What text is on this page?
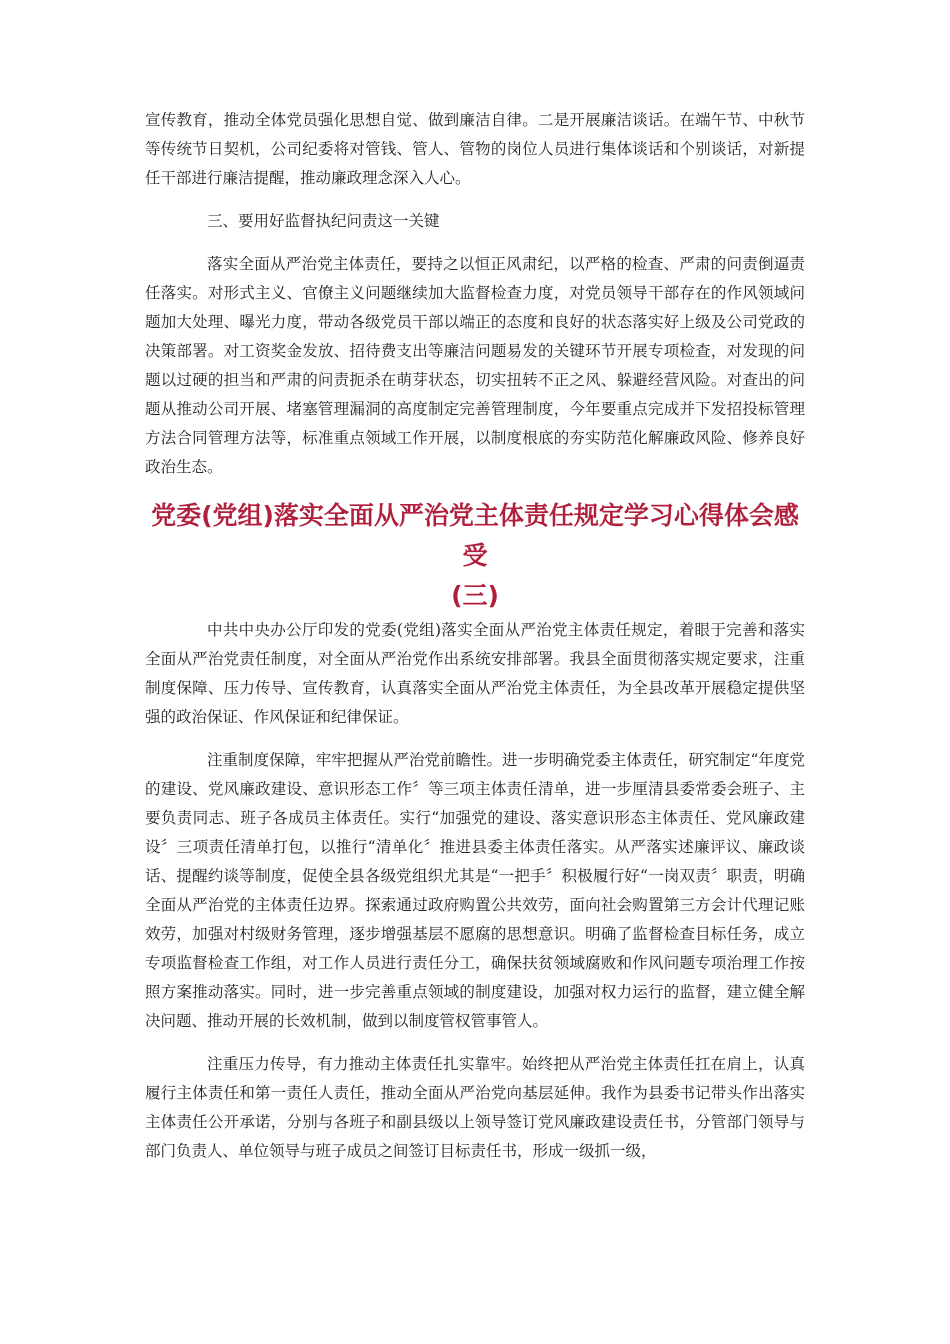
宣传教育，推动全体党员强化思想自觉、做到廉洁自律。二是开展廉洁谈话。在端午节、中秋节等传统节日契机，公司纪委将对管钱、管人、管物的岗位人员进行集体谈话和个别谈话，对新提任干部进行廉洁提醒，推动廉政理念深入人心。

三、要用好监督执纪问责这一关键

落实全面从严治党主体责任，要持之以恒正风肃纪，以严格的检查、严肃的问责倒逼责任落实。对形式主义、官僚主义问题继续加大监督检查力度，对党员领导干部存在的作风领域问题加大处理、曝光力度，带动各级党员干部以端正的态度和良好的状态落实好上级及公司党政的决策部署。对工资奖金发放、招待费支出等廉洁问题易发的关键环节开展专项检查，对发现的问题以过硬的担当和严肃的问责扼杀在萌芽状态，切实扭转不正之风、躲避经营风险。对查出的问题从推动公司开展、堵塞管理漏洞的高度制定完善管理制度，今年要重点完成并下发招投标管理方法合同管理方法等，标准重点领域工作开展，以制度根底的夯实防范化解廉政风险、修养良好政治生态。

党委(党组)落实全面从严治党主体责任规定学习心得体会感受
(三)

中共中央办公厅印发的党委(党组)落实全面从严治党主体责任规定，着眼于完善和落实全面从严治党责任制度，对全面从严治党作出系统安排部署。我县全面贯彻落实规定要求，注重制度保障、压力传导、宣传教育，认真落实全面从严治党主体责任，为全县改革开展稳定提供坚强的政治保证、作风保证和纪律保证。

注重制度保障，牢牢把握从严治党前瞻性。进一步明确党委主体责任，研究制定“年度党的建设、党风廉政建设、意识形态工作〞等三项主体责任清单，进一步厘清县委常委会班子、主要负责同志、班子各成员主体责任。实行“加强党的建设、落实意识形态主体责任、党风廉政建设〞三项责任清单打包，以推行“清单化〞推进县委主体责任落实。从严落实述廉评议、廉政谈话、提醒约谈等制度，促使全县各级党组织尤其是“一把手〞积极履行好“一岗双责〞职责，明确全面从严治党的主体责任边界。探索通过政府购置公共效劳，面向社会购置第三方会计代理记账效劳，加强对村级财务管理，逐步增强基层不愿腐的思想意识。明确了监督检查目标任务，成立专项监督检查工作组，对工作人员进行责任分工，确保扶贫领域腐败和作风问题专项治理工作按照方案推动落实。同时，进一步完善重点领域的制度建设，加强对权力运行的监督，建立健全解决问题、推动开展的长效机制，做到以制度管权管事管人。

注重压力传导，有力推动主体责任扎实靠牢。始终把从严治党主体责任扛在肩上，认真履行主体责任和第一责任人责任，推动全面从严治党向基层延伸。我作为县委书记带头作出落实主体责任公开承诺，分别与各班子和副县级以上领导签订党风廉政建设责任书，分管部门领导与部门负责人、单位领导与班子成员之间签订目标责任书，形成一级抓一级，
